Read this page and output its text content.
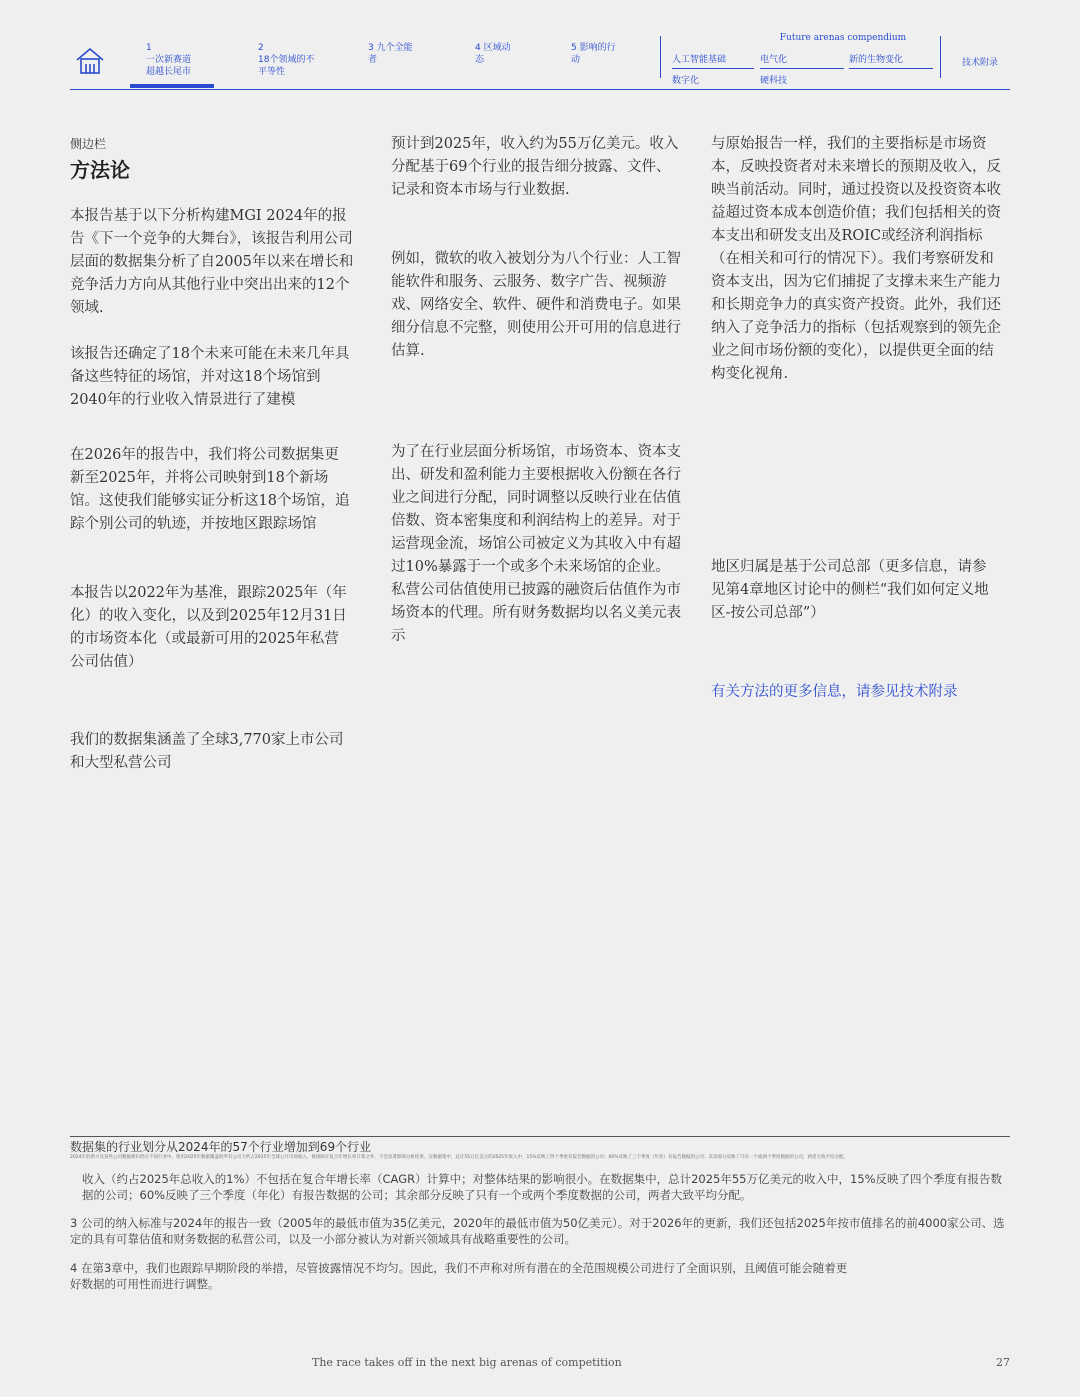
1
一次新赛道
超越长尾市
2
18个领域的不
平等性
3 九个全能
者
4 区域动
态
5 影响的行
动
Future arenas compendium
人工智能基础	电气化	新的生物变化
数字化	硬科技
技术附录
侧边栏
方法论
本报告基于以下分析构建MGI 2024年的报告《下一个竞争的大舞台》，该报告利用公司层面的数据集分析了自2005年以来在增长和竞争活力方向从其他行业中突出出来的12个领域.
该报告还确定了18个未来可能在未来几年具备这些特征的场馆，并对这18个场馆到2040年的行业收入情景进行了建模
在2026年的报告中，我们将公司数据集更新至2025年，并将公司映射到18个新场馆。这使我们能够实证分析这18个场馆，追踪个别公司的轨迹，并按地区跟踪场馆
本报告以2022年为基准，跟踪2025年（年化）的收入变化，以及到2025年12月31日的市场资本化（或最新可用的2025年私营公司估值）
我们的数据集涵盖了全球3,770家上市公司和大型私营公司
预计到2025年，收入约为55万亿美元。收入分配基于69个行业的报告细分披露、文件、记录和资本市场与行业数据.
例如，微软的收入被划分为八个行业：人工智能软件和服务、云服务、数字广告、视频游戏、网络安全、软件、硬件和消费电子。如果细分信息不完整，则使用公开可用的信息进行估算.
为了在行业层面分析场馆，市场资本、资本支出、研发和盈利能力主要根据收入份额在各行业之间进行分配，同时调整以反映行业在估值倍数、资本密集度和利润结构上的差异。对于运营现金流，场馆公司被定义为其收入中有超过10%暴露于一个或多个未来场馆的企业。私营公司估值使用已披露的融资后估值作为市场资本的代理。所有财务数据均以名义美元表示
与原始报告一样，我们的主要指标是市场资本，反映投资者对未来增长的预期及收入，反映当前活动。同时，通过投资以及投资资本收益超过资本成本创造价值；我们包括相关的资本支出和研发支出及ROIC或经济利润指标（在相关和可行的情况下）。我们考察研发和资本支出，因为它们捕捉了支撑未来生产能力和长期竞争力的真实资产投资。此外，我们还纳入了竞争活力的指标（包括观察到的领先企业之间市场份额的变化），以提供更全面的结构变化视角.
地区归属是基于公司总部（更多信息，请参见第4章地区讨论中的侧栏“我们如何定义地区-按公司总部”）
有关方法的更多信息，请参见技术附录
数据集的行业划分从2024年的57个行业增加到69个行业
2024年的新兴及某些公司数据被归档在不同行业中。使用2025年数据覆盖的所有公司大约占2025年全球公开市场收入，被排除在复合年增长率计算之外，不会显著影响分析结果。在数据集中，总计55万亿美元的2025年收入中，15%反映了四个季度有报告数据的公司；60%反映了三个季度（年化）有报告数据的公司；其余部分反映了只有一个或两个季度数据的公司，两者大致平均分配。
收入（约占2025年总收入的1%）不包括在复合年增长率（CAGR）计算中；对整体结果的影响很小。在数据集中，总计2025年55万亿美元的收入中，15%反映了四个季度有报告数据的公司；60%反映了三个季度（年化）有报告数据的公司；其余部分反映了只有一个或两个季度数据的公司，两者大致平均分配。
3 公司的纳入标准与2024年的报告一致（2005年的最低市值为35亿美元，2020年的最低市值为50亿美元）。对于2026年的更新，我们还包括2025年按市值排名的前4000家公司、选定的具有可靠估值和财务数据的私营公司，以及一小部分被认为对新兴领域具有战略重要性的公司。
4 在第3章中，我们也跟踪早期阶段的举措，尽管披露情况不均匀。因此，我们不声称对所有潜在的全范围规模公司进行了全面识别，且阈值可能会随着更好数据的可用性而进行调整。
The race takes off in the next big arenas of competition	27
